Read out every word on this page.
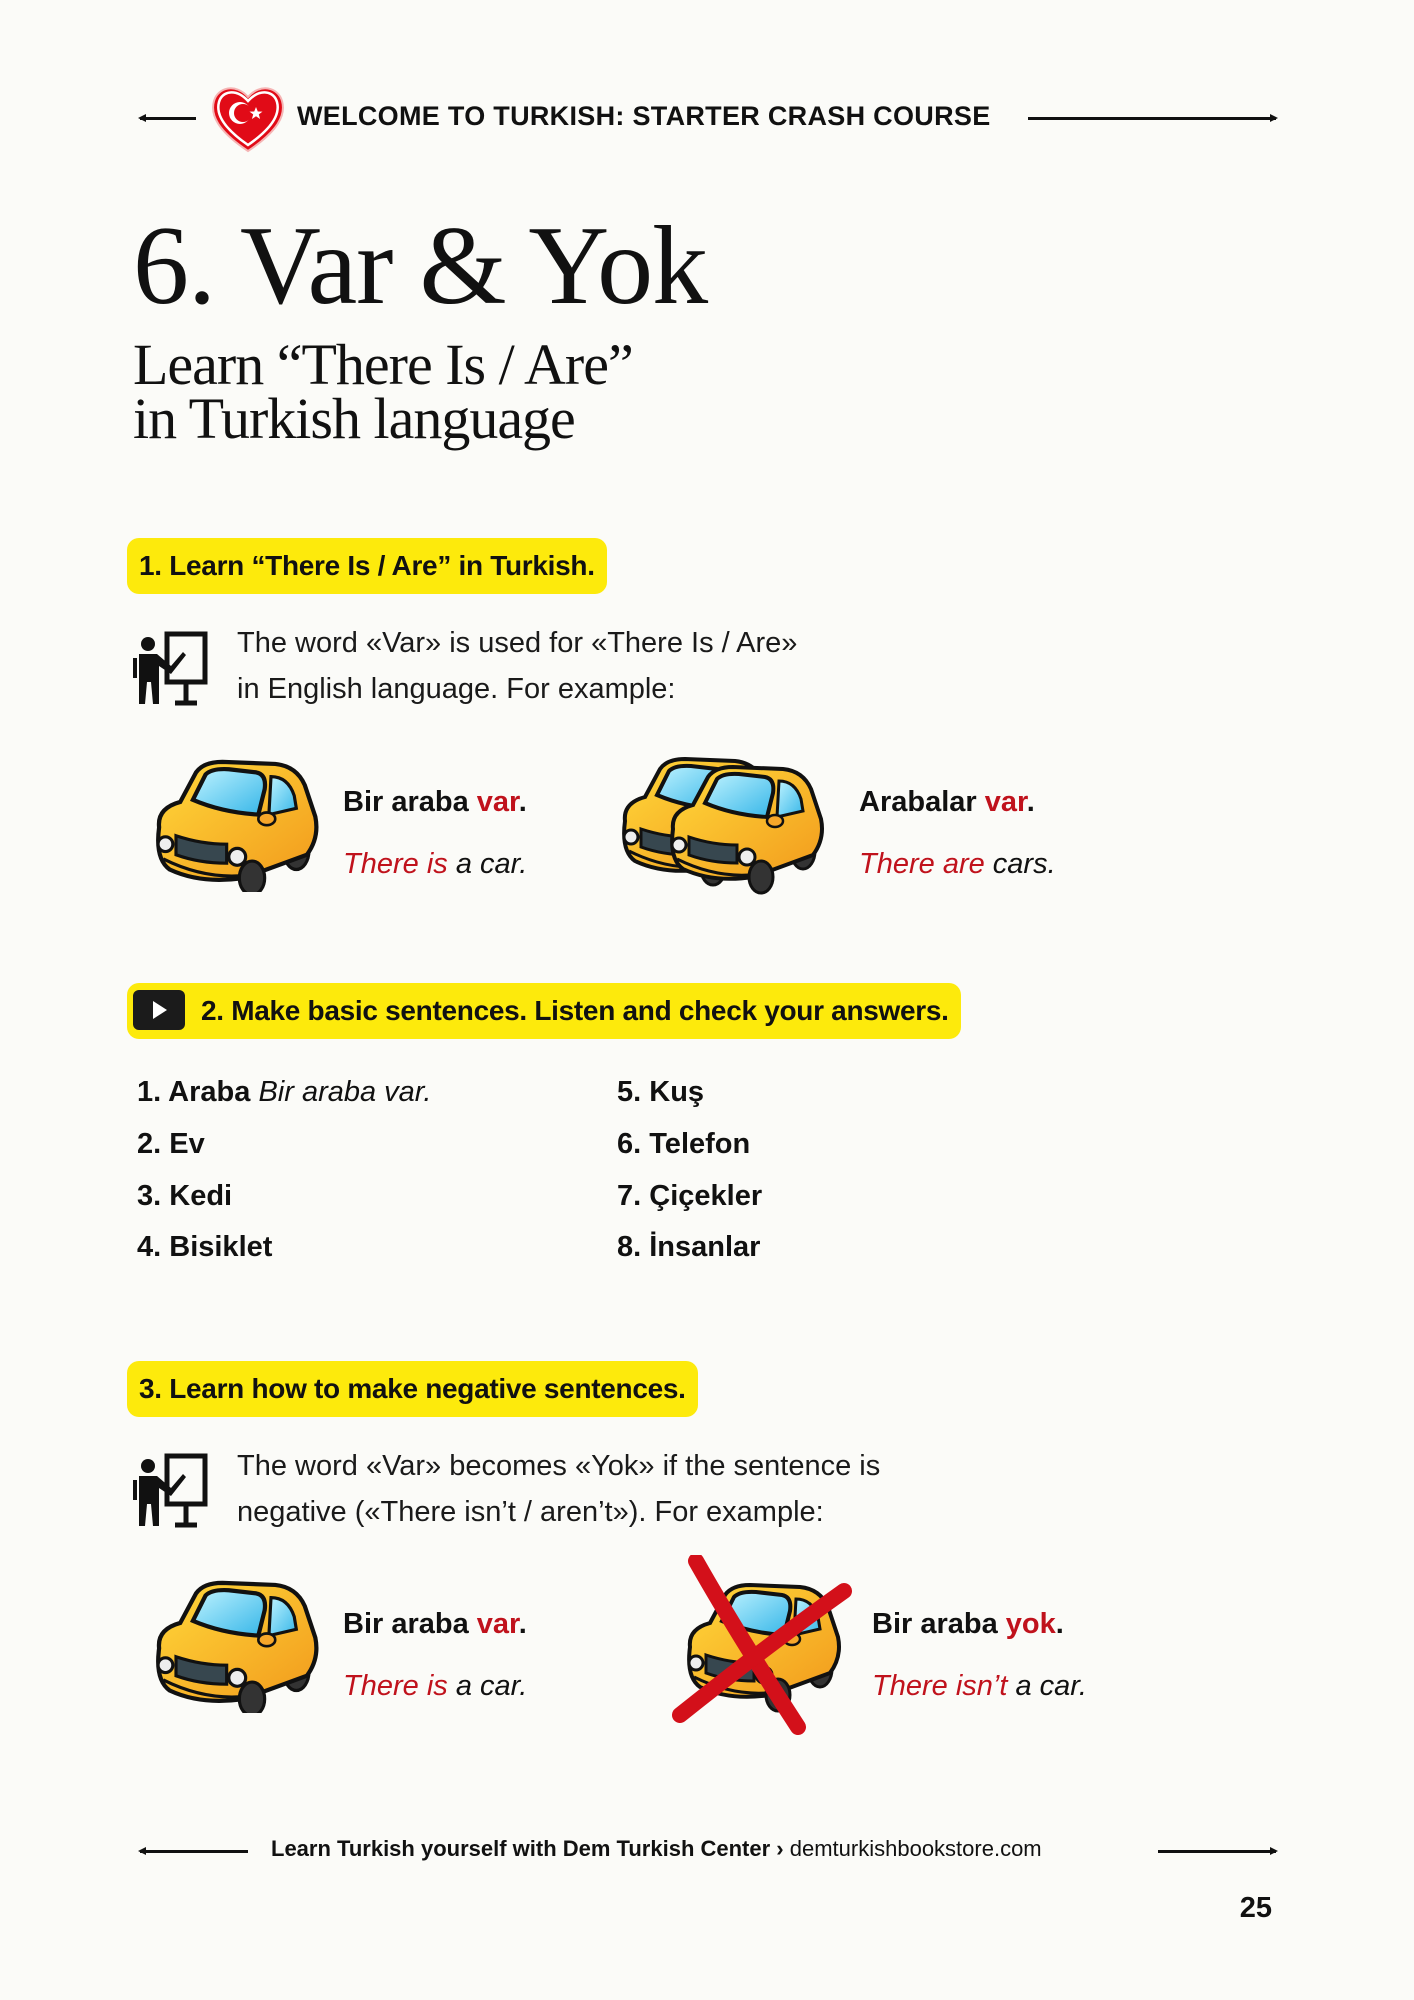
WELCOME TO TURKISH: STARTER CRASH COURSE
6. Var & Yok
Learn “There Is / Are”
in Turkish language
1. Learn “There Is / Are” in Turkish.
The word «Var» is used for «There Is / Are»
in English language. For example:
Bir araba var.
There is a car.
Arabalar var.
There are cars.
2. Make basic sentences. Listen and check your answers.
1. Araba Bir araba var.
2. Ev
3. Kedi
4. Bisiklet
5. Kuş
6. Telefon
7. Çiçekler
8. İnsanlar
3. Learn how to make negative sentences.
The word «Var» becomes «Yok» if the sentence is
negative («There isn’t / aren’t»). For example:
Bir araba var.
There is a car.
Bir araba yok.
There isn’t a car.
Learn Turkish yourself with Dem Turkish Center › demturkishbookstore.com
25
